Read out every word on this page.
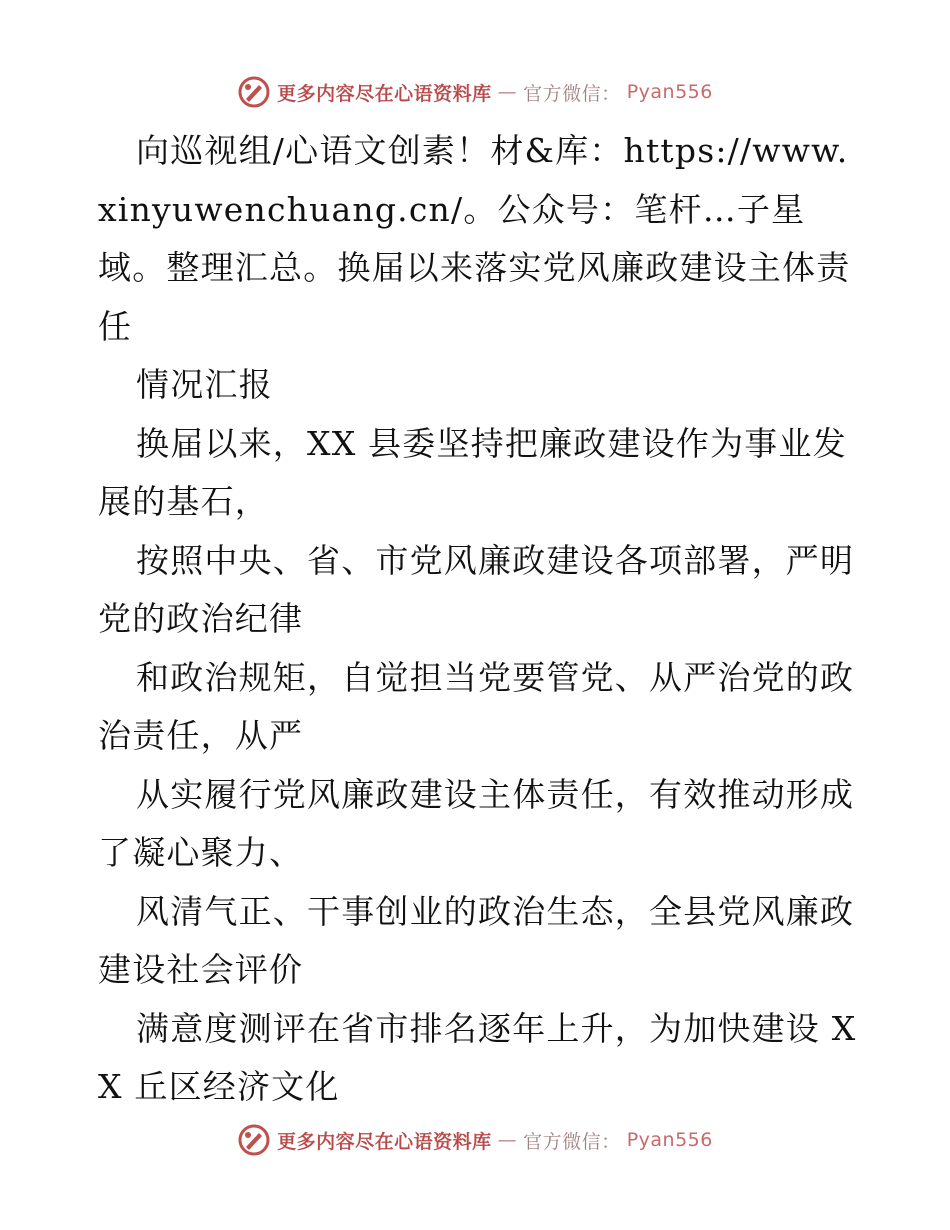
更多内容尽在心语资料库 — 官方微信： Pyan556

向巡视组/心语文创素！材&库：https://www.xinyuwenchuang.cn/。公众号：笔杆…子星域。整理汇总。换届以来落实党风廉政建设主体责任

情况汇报

换届以来，XX 县委坚持把廉政建设作为事业发展的基石，

按照中央、省、市党风廉政建设各项部署，严明党的政治纪律

和政治规矩，自觉担当党要管党、从严治党的政治责任，从严

从实履行党风廉政建设主体责任，有效推动形成了凝心聚力、

风清气正、干事创业的政治生态，全县党风廉政建设社会评价

满意度测评在省市排名逐年上升，为加快建设 XX 丘区经济文化

更多内容尽在心语资料库 — 官方微信： Pyan556
